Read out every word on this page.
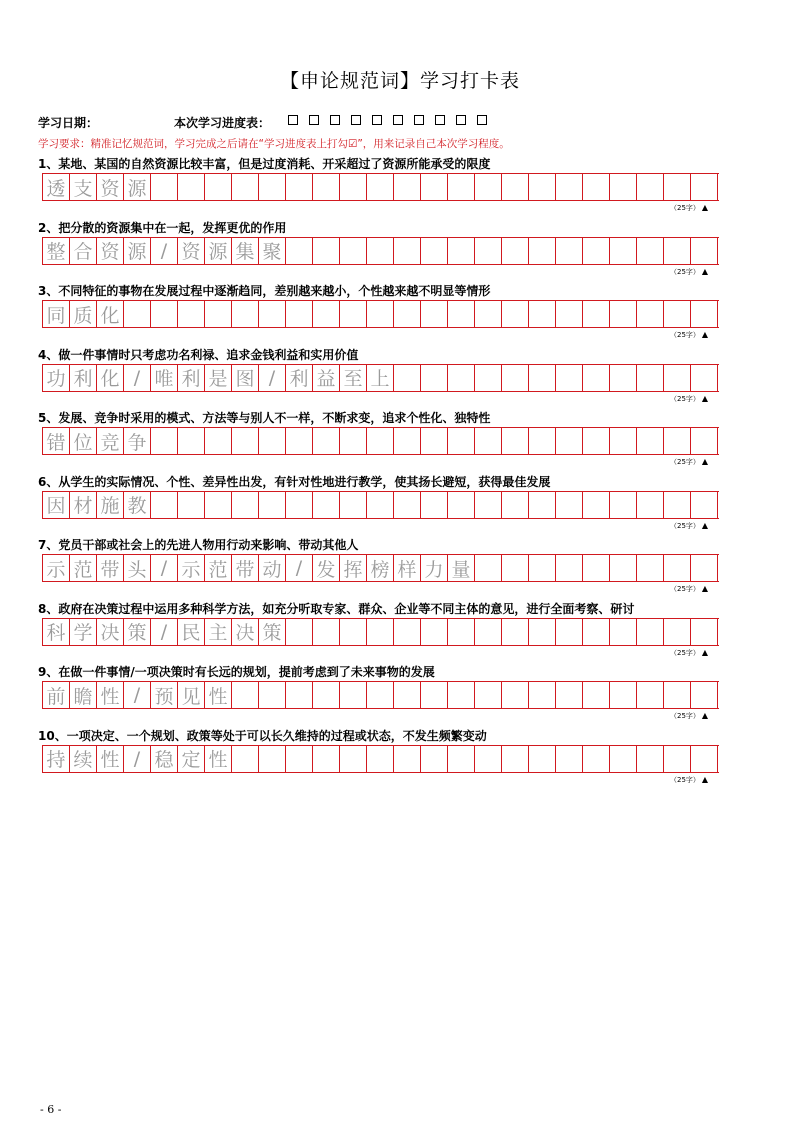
【申论规范词】学习打卡表
学习日期：	本次学习进度表：
学习要求：精准记忆规范词，学习完成之后请在“学习进度表上打勾☑”，用来记录自己本次学习程度。
1、某地、某国的自然资源比较丰富，但是过度消耗、开采超过了资源所能承受的限度
透 支 资 源
（25字） ▲
2、把分散的资源集中在一起，发挥更优的作用
整 合 资 源 / 资 源 集 聚
（25字） ▲
3、不同特征的事物在发展过程中逐渐趋同，差别越来越小，个性越来越不明显等情形
同 质 化
（25字） ▲
4、做一件事情时只考虑功名利禄、追求金钱利益和实用价值
功 利 化 / 唯 利 是 图 / 利 益 至 上
（25字） ▲
5、发展、竞争时采用的模式、方法等与别人不一样，不断求变，追求个性化、独特性
错 位 竞 争
（25字） ▲
6、从学生的实际情况、个性、差异性出发，有针对性地进行教学，使其扬长避短，获得最佳发展
因 材 施 教
（25字） ▲
7、党员干部或社会上的先进人物用行动来影响、带动其他人
示 范 带 头 / 示 范 带 动 / 发 挥 榜 样 力 量
（25字） ▲
8、政府在决策过程中运用多种科学方法，如充分听取专家、群众、企业等不同主体的意见，进行全面考察、研讨
科 学 决 策 / 民 主 决 策
（25字） ▲
9、在做一件事情/一项决策时有长远的规划，提前考虑到了未来事物的发展
前 瞻 性 / 预 见 性
（25字） ▲
10、一项决定、一个规划、政策等处于可以长久维持的过程或状态，不发生频繁变动
持 续 性 / 稳 定 性
（25字） ▲
- 6 -
